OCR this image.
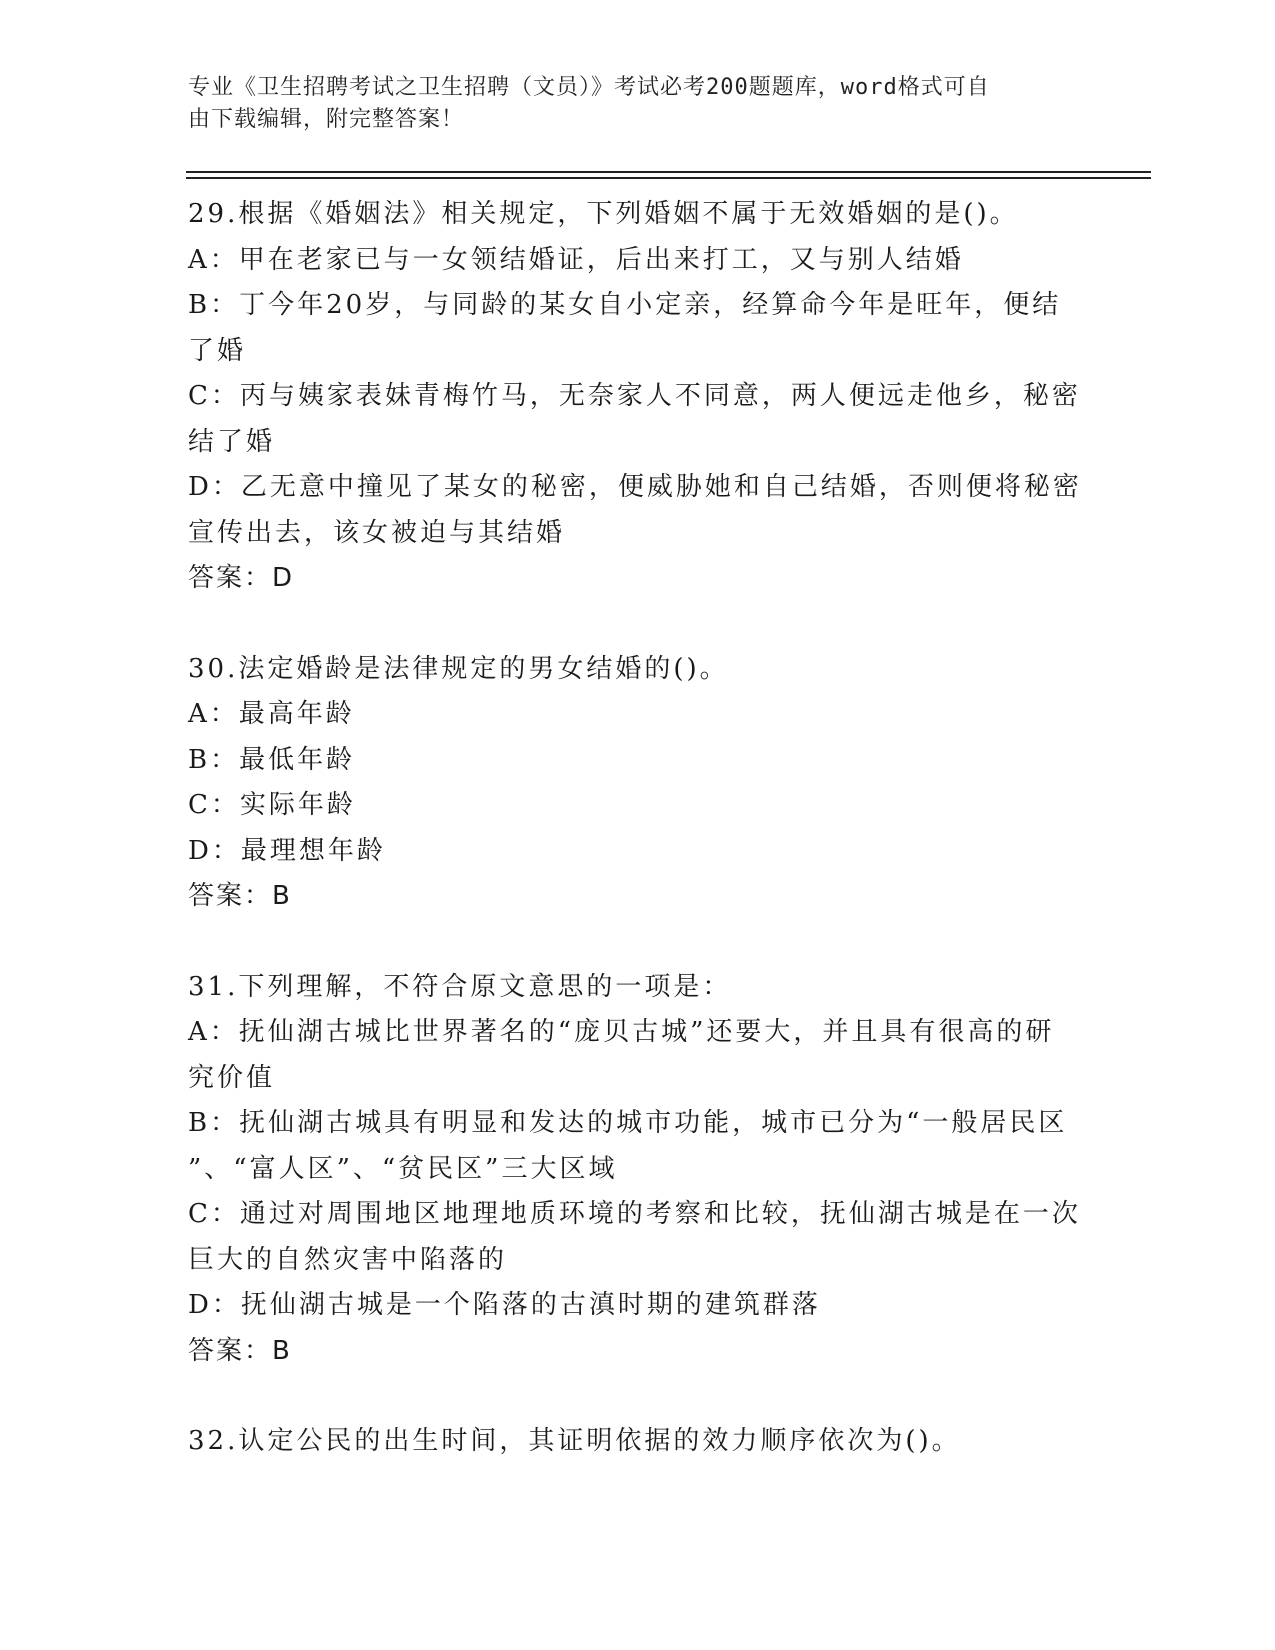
专业《卫生招聘考试之卫生招聘（文员）》考试必考200题题库，word格式可自
由下载编辑，附完整答案！

29.根据《婚姻法》相关规定，下列婚姻不属于无效婚姻的是()。

A：甲在老家已与一女领结婚证，后出来打工，又与别人结婚

B：丁今年20岁，与同龄的某女自小定亲，经算命今年是旺年，便结

了婚

C：丙与姨家表妹青梅竹马，无奈家人不同意，两人便远走他乡，秘密

结了婚

D：乙无意中撞见了某女的秘密，便威胁她和自己结婚，否则便将秘密

宣传出去，该女被迫与其结婚

答案：D

30.法定婚龄是法律规定的男女结婚的()。

A：最高年龄

B：最低年龄

C：实际年龄

D：最理想年龄

答案：B

31.下列理解，不符合原文意思的一项是：

A：抚仙湖古城比世界著名的“庞贝古城”还要大，并且具有很高的研

究价值

B：抚仙湖古城具有明显和发达的城市功能，城市已分为“一般居民区

”、“富人区”、“贫民区”三大区域

C：通过对周围地区地理地质环境的考察和比较，抚仙湖古城是在一次

巨大的自然灾害中陷落的

D：抚仙湖古城是一个陷落的古滇时期的建筑群落

答案：B

32.认定公民的出生时间，其证明依据的效力顺序依次为()。
